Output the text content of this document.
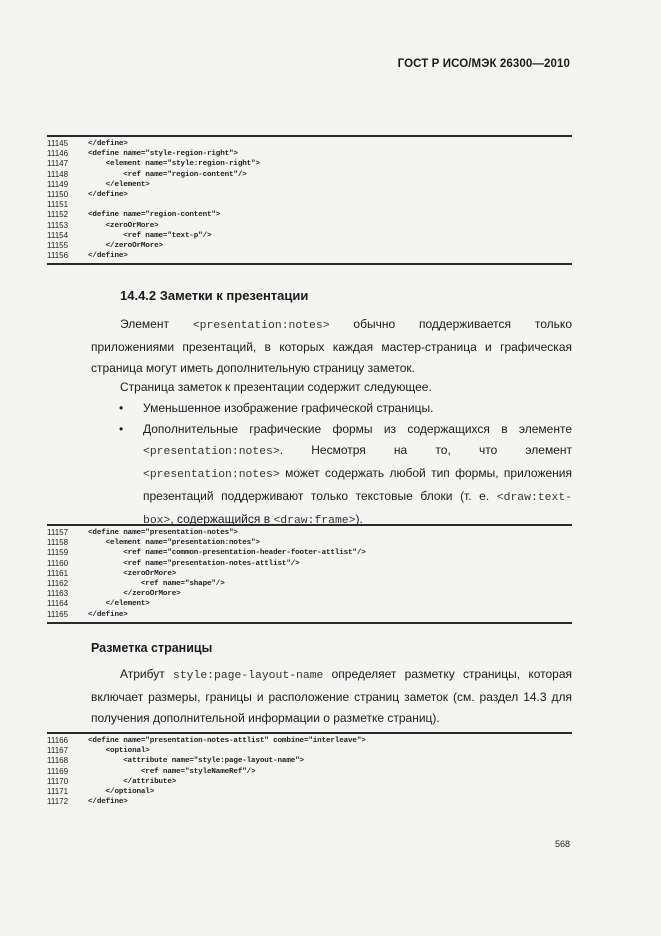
ГОСТ Р ИСО/МЭК 26300—2010
11145	</define>
11146	<define name="style-region-right">
11147	<element name="style:region-right">
11148	<ref name="region-content"/>
11149	</element>
11150	</define>
11151
11152	<define name="region-content">
11153	<zeroOrMore>
11154	<ref name="text-p"/>
11155	</zeroOrMore>
11156	</define>
14.4.2 Заметки к презентации
Элемент <presentation:notes> обычно поддерживается только приложениями презентаций, в которых каждая мастер-страница и графическая страница могут иметь дополнительную страницу заметок.
Страница заметок к презентации содержит следующее.
• Уменьшенное изображение графической страницы.
• Дополнительные графические формы из содержащихся в элементе <presentation:notes>. Несмотря на то, что элемент <presentation:notes> может содержать любой тип формы, приложения презентаций поддерживают только текстовые блоки (т. е. <draw:text-box>, содержащийся в <draw:frame>).
11157	<define name="presentation-notes">
11158	<element name="presentation:notes">
11159	<ref name="common-presentation-header-footer-attlist"/>
11160	<ref name="presentation-notes-attlist"/>
11161	<zeroOrMore>
11162	<ref name="shape"/>
11163	</zeroOrMore>
11164	</element>
11165	</define>
Разметка страницы
Атрибут style:page-layout-name определяет разметку страницы, которая включает размеры, границы и расположение страниц заметок (см. раздел 14.3 для получения дополнительной информации о разметке страниц).
11166	<define name="presentation-notes-attlist" combine="interleave">
11167	<optional>
11168	<attribute name="style:page-layout-name">
11169	<ref name="styleNameRef"/>
11170	</attribute>
11171	</optional>
11172	</define>
568
